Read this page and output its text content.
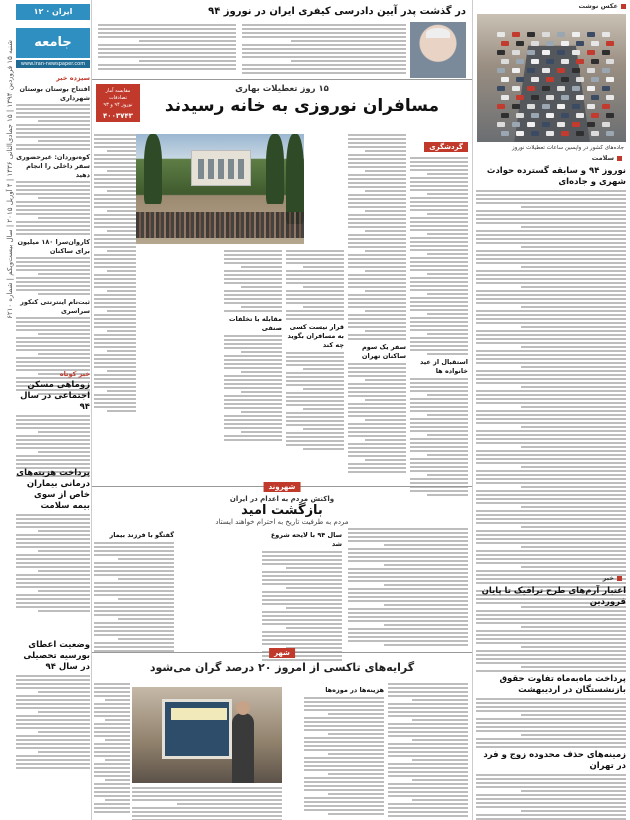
شنبه ۱۵ فروردین ۱۳۹۴ | ۱۵ جمادی‌الثانی ۱۴۳۶ | ۴ آوریل ۲۰۱۵ | سال بیست‌ویکم | شماره ۶۲۱۰
ایران · ۱۲
جامعه
www.iran-newspaper.com
سیزده خبر
افتتاح بوستان بوستان شهرداری
کوه‌نوردان: غیرحضوری سفر داخلی را انجام دهید
کاروان‌سرا ۱۸۰ میلیون برای ساکنان
ثبت‌نام اینترنتی کنکور سراسری
خبر کوتاه
زوماهی مسکن اجتماعی در سال ۹۴
پرداخت هزینه‌های درمانی بیماران خاص از سوی بیمه سلامت
وضعیت اعطای بورسیه تحصیلی در سال ۹۴
عکس نوشت
جاده‌های کشور در واپسین ساعات تعطیلات نوروز
سلامت
نوروز ۹۴ و سابقه گسترده حوادث شهری و جاده‌ای
خبر
اعتبار آرم‌های طرح ترافیک تا پایان فروردین
پرداخت ماه‌به‌ماه تفاوت حقوق بازنشستگان در اردیبهشت
زمینه‌های حذف محدوده زوج و فرد در تهران
در گذشت پدر آیین دادرسی کیفری ایران در نوروز ۹۴
۱۵ روز تعطیلات بهاری
مسافران نوروزی به خانه رسیدند
مقایسه آمار تصادفات
نوروز ۹۴ و ۹۳
۴۰۰۳۷۴۳
گردشگری
استقبال از عید خانواده ها
سفر یک سوم ساکنان تهران
قرار نیست کسی به مسافران بگوید چه کند
مقابله با تخلفات صنفی
شهروند
واکنش مردم به اعدام در ایران
بازگشت امید
مردم به طرفیت تاریخ به احترام خواهند ایستاد
سال ۹۴ با لایحه شروع شد
گفتگو با فرزند بیمار
شهر
گرایه‌های تاکسی از امروز ۲۰ درصد گران می‌شود
هزینه‌ها در موزه‌ها
